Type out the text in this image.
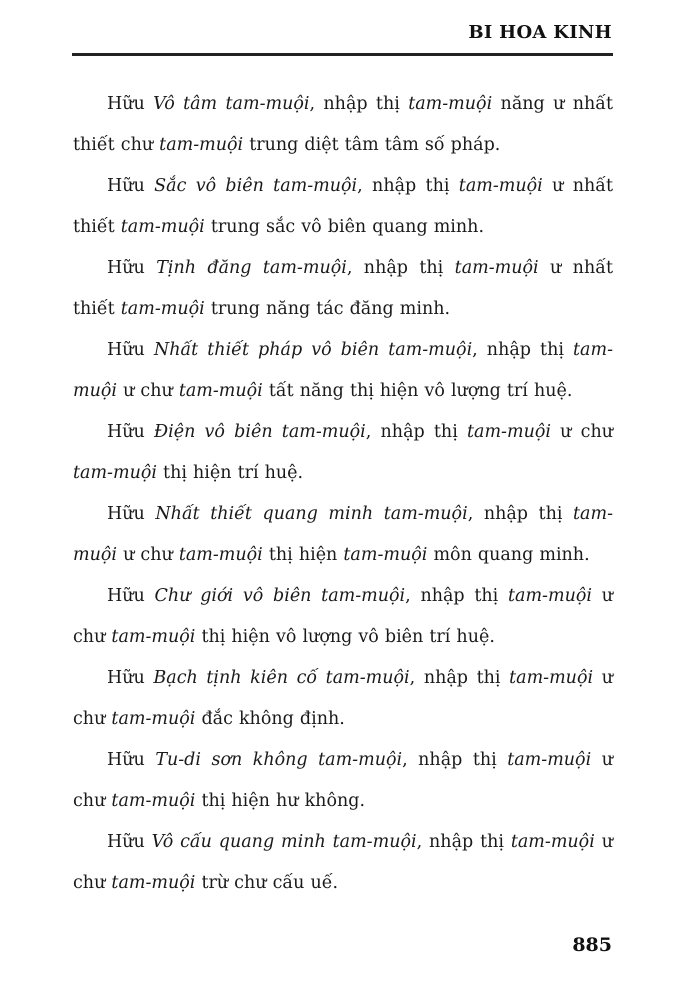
BI HOA KINH

Hữu Vô tâm tam-muội, nhập thị tam-muội năng ư nhất thiết chư tam-muội trung diệt tâm tâm số pháp.

Hữu Sắc vô biên tam-muội, nhập thị tam-muội ư nhất thiết tam-muội trung sắc vô biên quang minh.

Hữu Tịnh đăng tam-muội, nhập thị tam-muội ư nhất thiết tam-muội trung năng tác đăng minh.

Hữu Nhất thiết pháp vô biên tam-muội, nhập thị tam-muội ư chư tam-muội tất năng thị hiện vô lượng trí huệ.

Hữu Điện vô biên tam-muội, nhập thị tam-muội ư chư tam-muội thị hiện trí huệ.

Hữu Nhất thiết quang minh tam-muội, nhập thị tam-muội ư chư tam-muội thị hiện tam-muội môn quang minh.

Hữu Chư giới vô biên tam-muội, nhập thị tam-muội ư chư tam-muội thị hiện vô lượng vô biên trí huệ.

Hữu Bạch tịnh kiên cố tam-muội, nhập thị tam-muội ư chư tam-muội đắc không định.

Hữu Tu-di sơn không tam-muội, nhập thị tam-muội ư chư tam-muội thị hiện hư không.

Hữu Vô cấu quang minh tam-muội, nhập thị tam-muội ư chư tam-muội trừ chư cấu uế.

885
